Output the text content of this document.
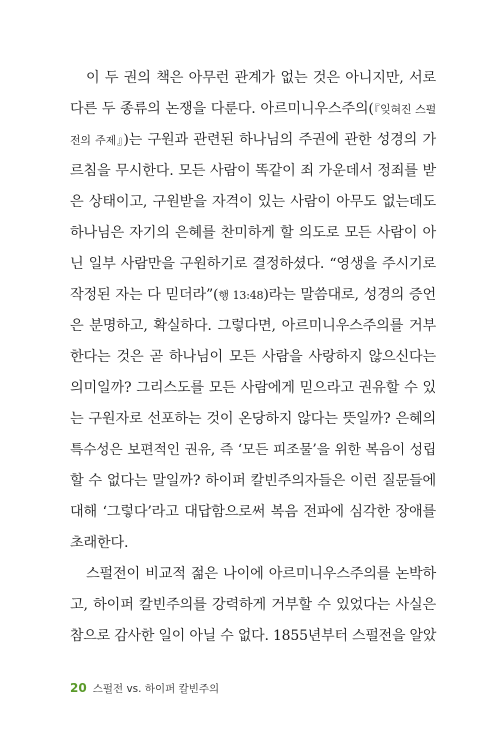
이 두 권의 책은 아무런 관계가 없는 것은 아니지만, 서로
다른 두 종류의 논쟁을 다룬다. 아르미니우스주의(『잊혀진 스펄
전의 주제』)는 구원과 관련된 하나님의 주권에 관한 성경의 가
르침을 무시한다. 모든 사람이 똑같이 죄 가운데서 정죄를 받
은 상태이고, 구원받을 자격이 있는 사람이 아무도 없는데도
하나님은 자기의 은혜를 찬미하게 할 의도로 모든 사람이 아
닌 일부 사람만을 구원하기로 결정하셨다. “영생을 주시기로
작정된 자는 다 믿더라”(행 13:48)라는 말씀대로, 성경의 증언
은 분명하고, 확실하다. 그렇다면, 아르미니우스주의를 거부
한다는 것은 곧 하나님이 모든 사람을 사랑하지 않으신다는
의미일까? 그리스도를 모든 사람에게 믿으라고 권유할 수 있
는 구원자로 선포하는 것이 온당하지 않다는 뜻일까? 은혜의
특수성은 보편적인 권유, 즉 ‘모든 피조물’을 위한 복음이 성립
할 수 없다는 말일까? 하이퍼 칼빈주의자들은 이런 질문들에
대해 ‘그렇다’라고 대답함으로써 복음 전파에 심각한 장애를
초래한다.
스펄전이 비교적 젊은 나이에 아르미니우스주의를 논박하
고, 하이퍼 칼빈주의를 강력하게 거부할 수 있었다는 사실은
참으로 감사한 일이 아닐 수 없다. 1855년부터 스펄전을 알았
20 스펄전 vs. 하이퍼 칼빈주의
